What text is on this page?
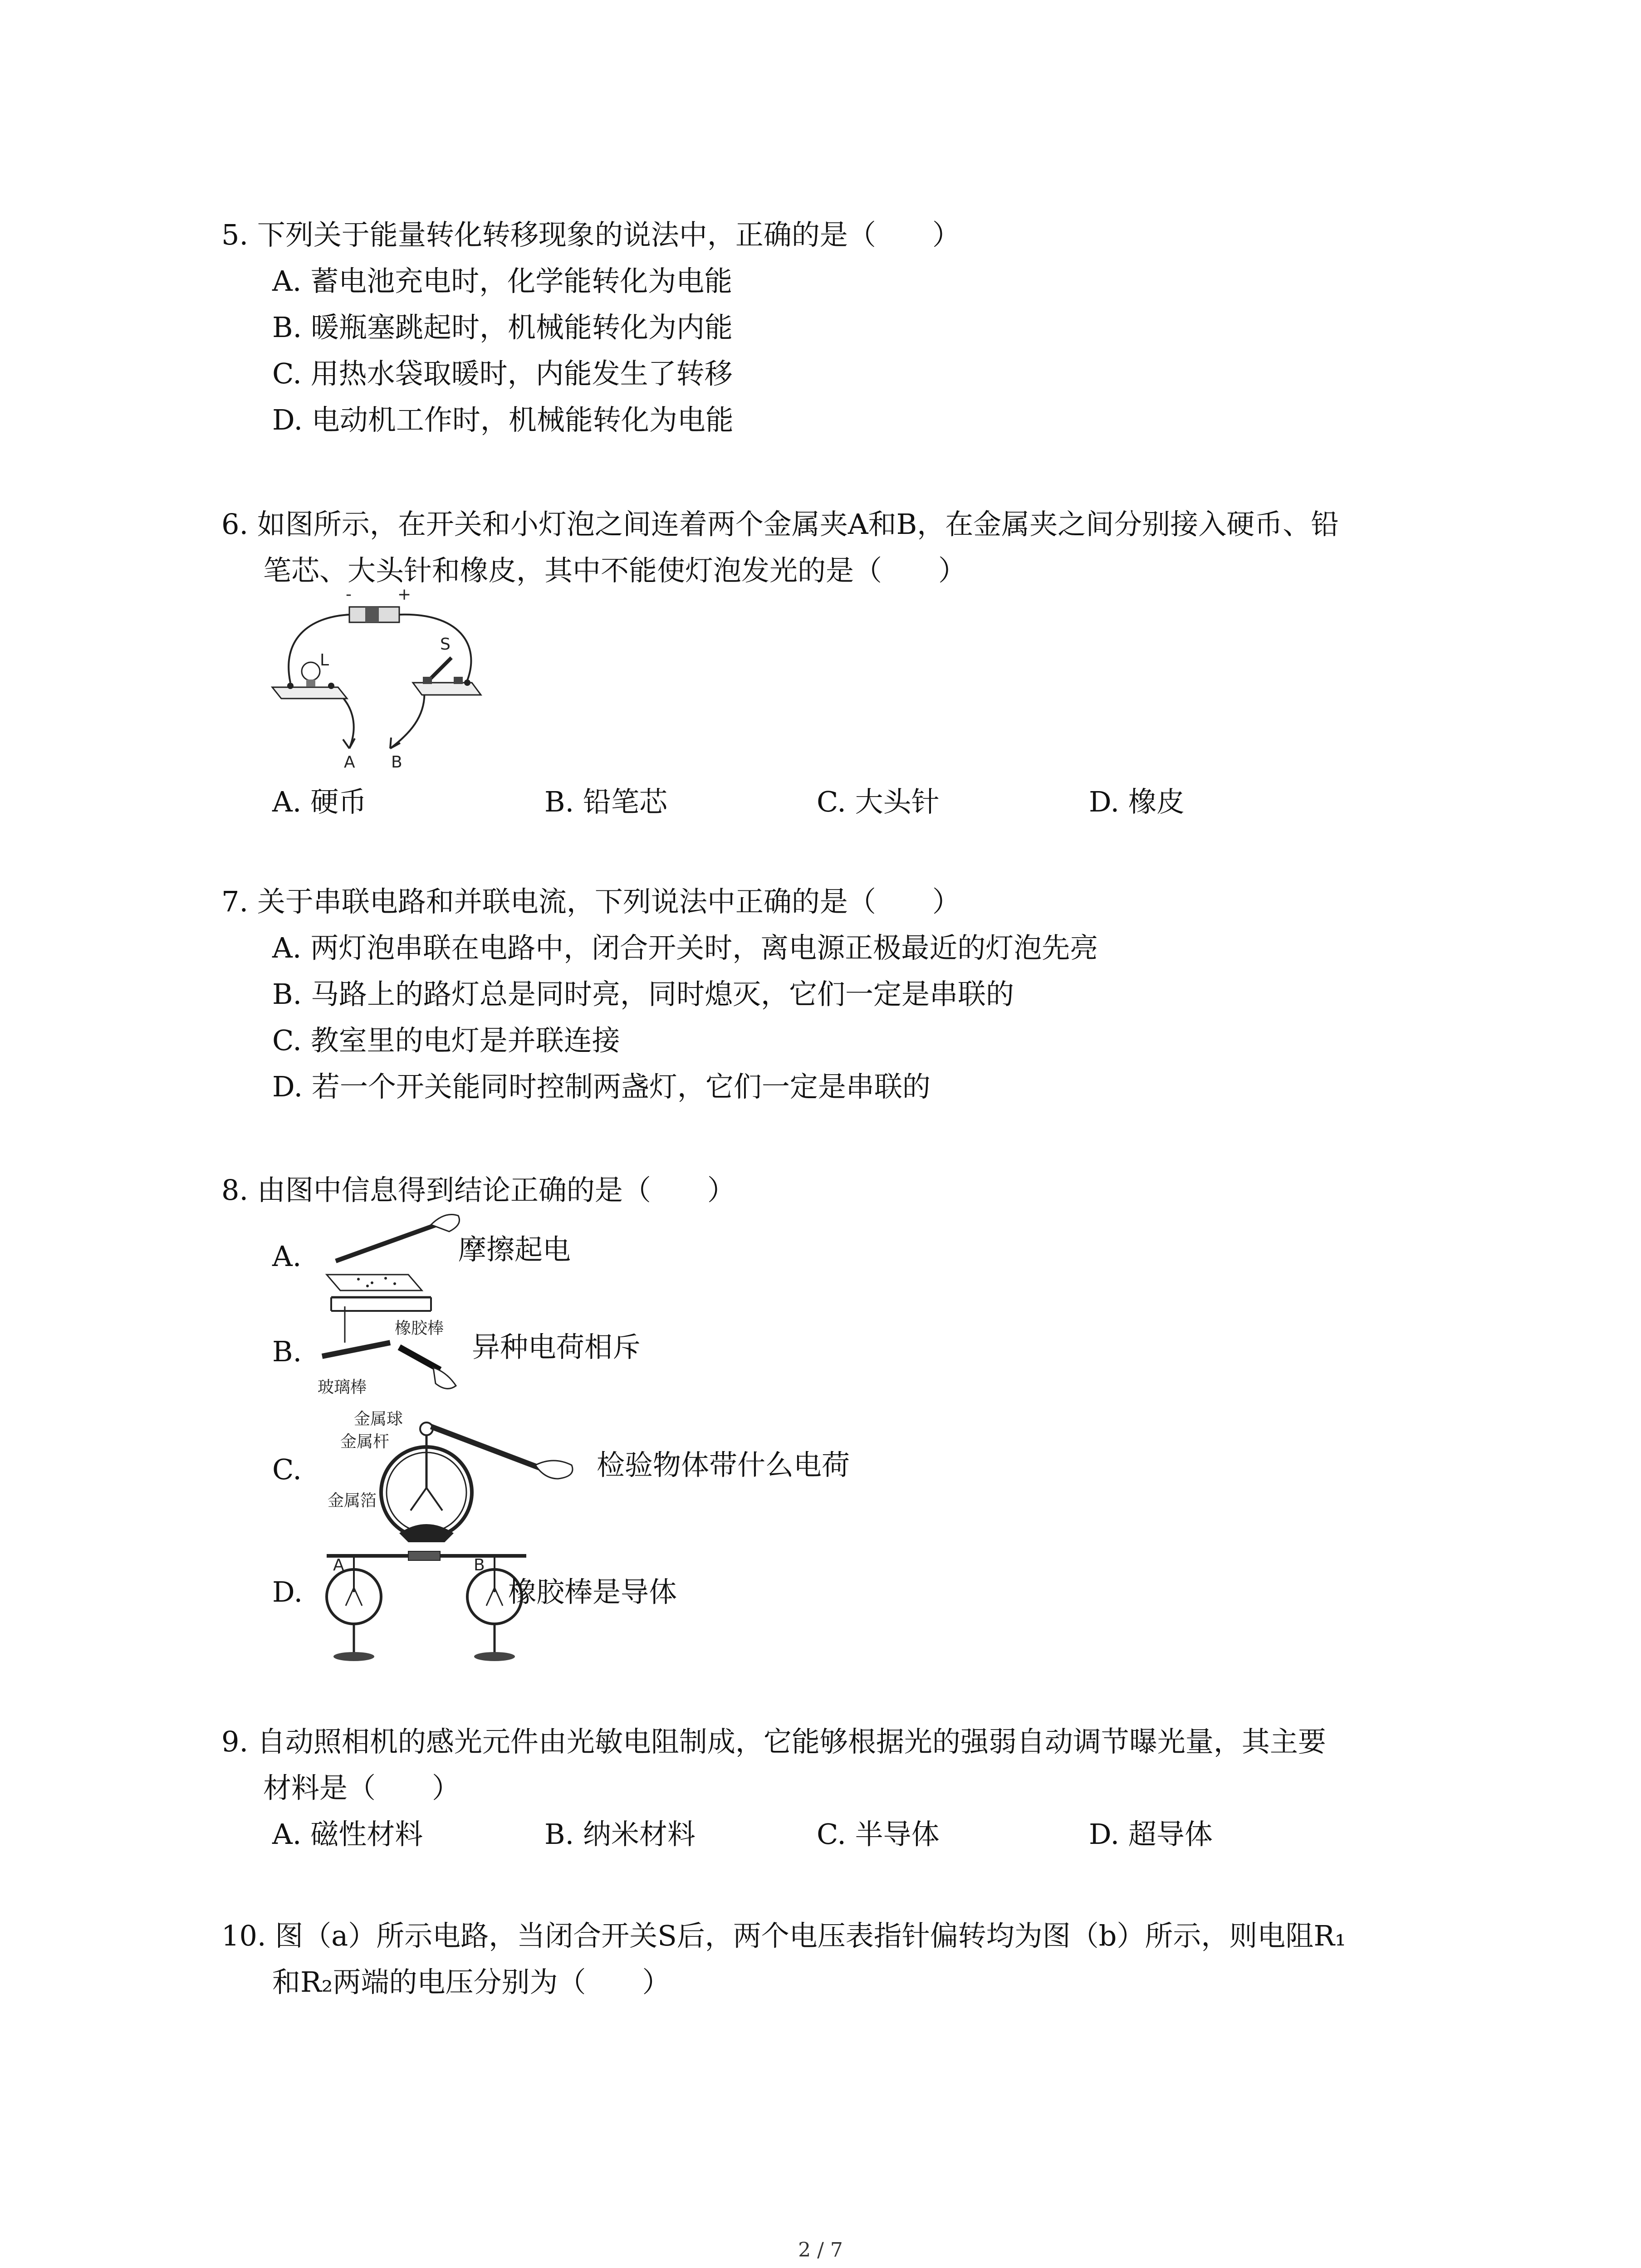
5. 下列关于能量转化转移现象的说法中，正确的是（　　）
A. 蓄电池充电时，化学能转化为电能
B. 暖瓶塞跳起时，机械能转化为内能
C. 用热水袋取暖时，内能发生了转移
D. 电动机工作时，机械能转化为电能
6. 如图所示，在开关和小灯泡之间连着两个金属夹A和B，在金属夹之间分别接入硬币、铅
笔芯、大头针和橡皮，其中不能使灯泡发光的是（　　）
-	+
L
S
A B
A. 硬币	B. 铅笔芯	C. 大头针	D. 橡皮
7. 关于串联电路和并联电流，下列说法中正确的是（　　）
A. 两灯泡串联在电路中，闭合开关时，离电源正极最近的灯泡先亮
B. 马路上的路灯总是同时亮，同时熄灭，它们一定是串联的
C. 教室里的电灯是并联连接
D. 若一个开关能同时控制两盏灯，它们一定是串联的
8. 由图中信息得到结论正确的是（　　）
A.	摩擦起电
B.
橡胶棒
玻璃棒
异种电荷相斥
C.
金属球
金属杆
金属箔
检验物体带什么电荷
D.
A	B
橡胶棒是导体
9. 自动照相机的感光元件由光敏电阻制成，它能够根据光的强弱自动调节曝光量，其主要
材料是（　　）
A. 磁性材料	B. 纳米材料	C. 半导体	D. 超导体
10. 图（a）所示电路，当闭合开关S后，两个电压表指针偏转均为图（b）所示，则电阻R₁
和R₂两端的电压分别为（　　）
2 / 7
